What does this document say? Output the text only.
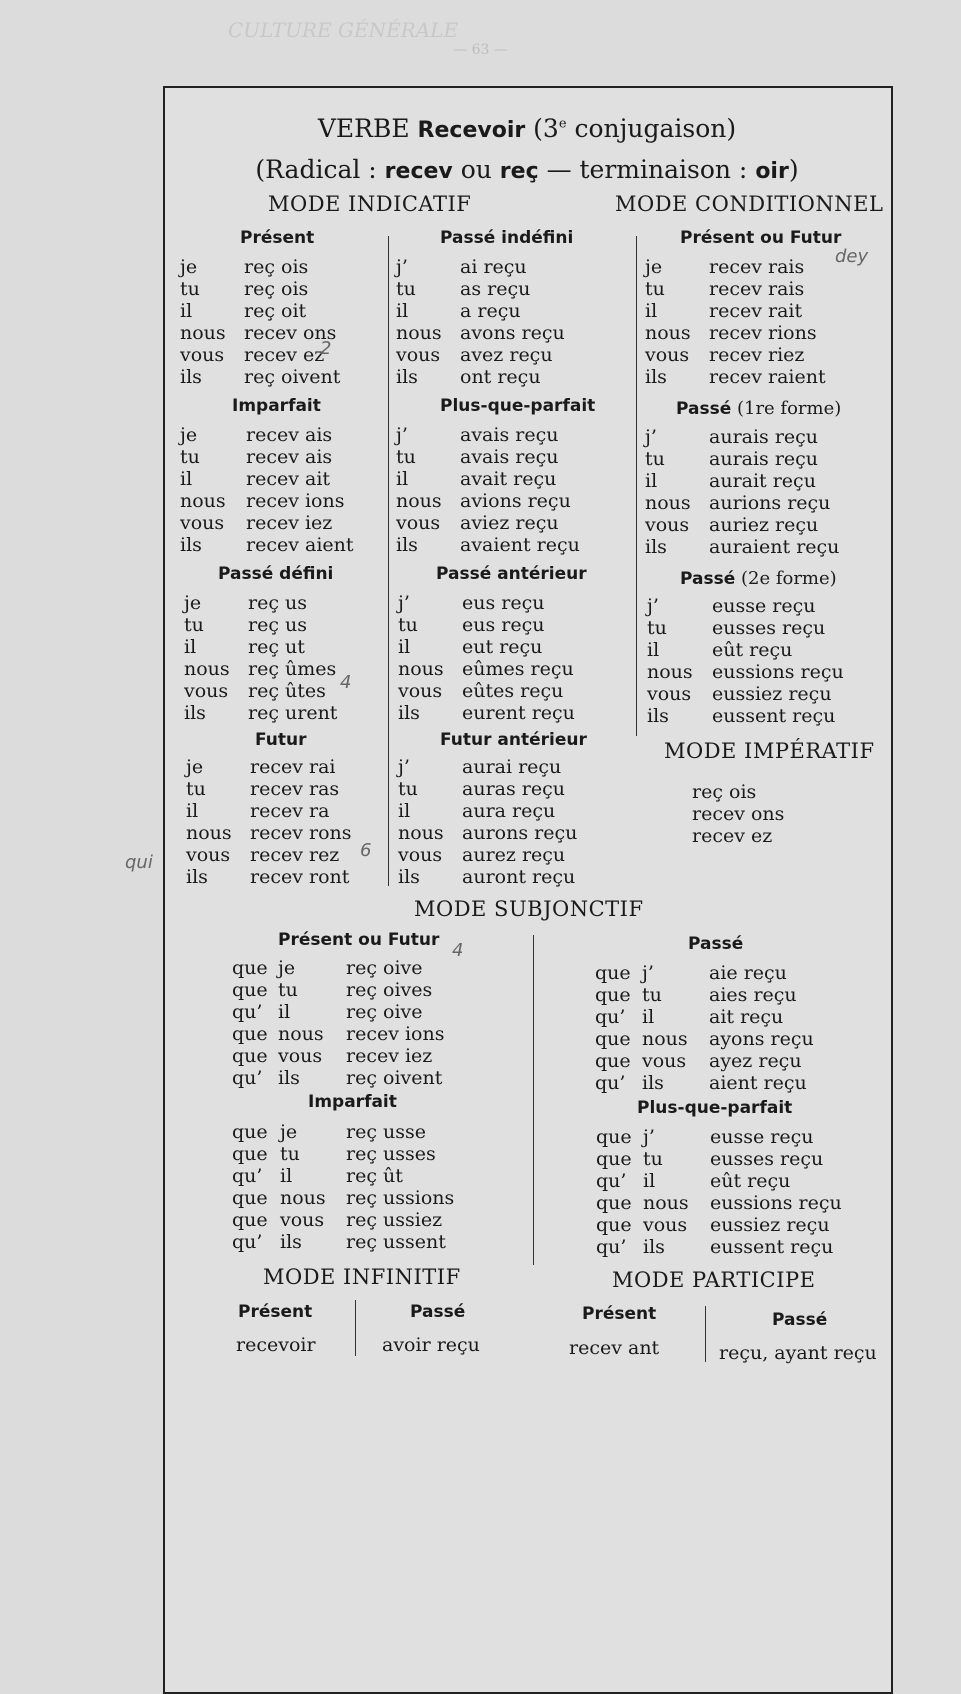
CULTURE GÉNÉRALE
— 63 —
VERBE Recevoir (3e conjugaison)
(Radical : recev ou reç — terminaison : oir)
MODE INDICATIF	MODE CONDITIONNEL
Présent
je reç ois
tu reç ois
il	reç oit
nous recev ons
vous recev ez
ils reç oivent
Passé indéfini
j’	ai reçu
tu as reçu
il	a reçu
nous avons reçu
vous avez reçu
ils ont reçu
Présent ou Futur
je recev rais
tu recev rais
il	recev rait
nous recev rions
vous recev riez
ils recev raient
Imparfait
je	recev ais
tu recev ais
il	recev ait
nous recev ions
vous recev iez
ils recev aient
Plus-que-parfait
j’	avais reçu
tu avais reçu
il	avait reçu
nous avions reçu
vous aviez reçu
ils avaient reçu
Passé (1re forme)
j’	aurais reçu
tu aurais reçu
il	aurait reçu
nous aurions reçu
vous auriez reçu
ils auraient reçu
Passé défini
je reç us
tu reç us
il	reç ut
nous reç ûmes
vous reç ûtes
ils reç urent
Passé antérieur
j’	eus reçu
tu eus reçu
il	eut reçu
nous eûmes reçu
vous eûtes reçu
ils eurent reçu
Passé (2e forme)
j’	eusse reçu
tu eusses reçu
il	eût reçu
nous eussions reçu
vous eussiez reçu
ils eussent reçu
Futur
je recev rai
tu recev ras
il	recev ra
nous recev rons
vous recev rez
ils recev ront
Futur antérieur
j’	aurai reçu
tu auras reçu
il	aura reçu
nous aurons reçu
vous aurez reçu
ils auront reçu
Présent ou Futur
que je	reç oive
que tu	reç oives
qu’ il	reç oive
que nous recev ions
que vous recev iez
qu’ ils reç oivent
Passé
que j’	aie reçu
que tu aies reçu
qu’ il	ait reçu
que nous ayons reçu
que vous ayez reçu
qu’ ils aient reçu
Imparfait
que je	reç usse
que tu reç usses
qu’ il	reç ût
que nous reç ussions
que vous reç ussiez
qu’ ils reç ussent
Plus-que-parfait
que j’	eusse reçu
que tu eusses reçu
qu’ il	eût reçu
que nous eussions reçu
que vous eussiez reçu
qu’ ils eussent reçu
MODE IMPÉRATIF
reç ois
recev ons
recev ez
MODE SUBJONCTIF
MODE INFINITIF	MODE PARTICIPE
Présent	Passé
recevoir	avoir reçu
Présent	Passé
recev ant	reçu, ayant reçu
2
4
4
6
qui
dey
